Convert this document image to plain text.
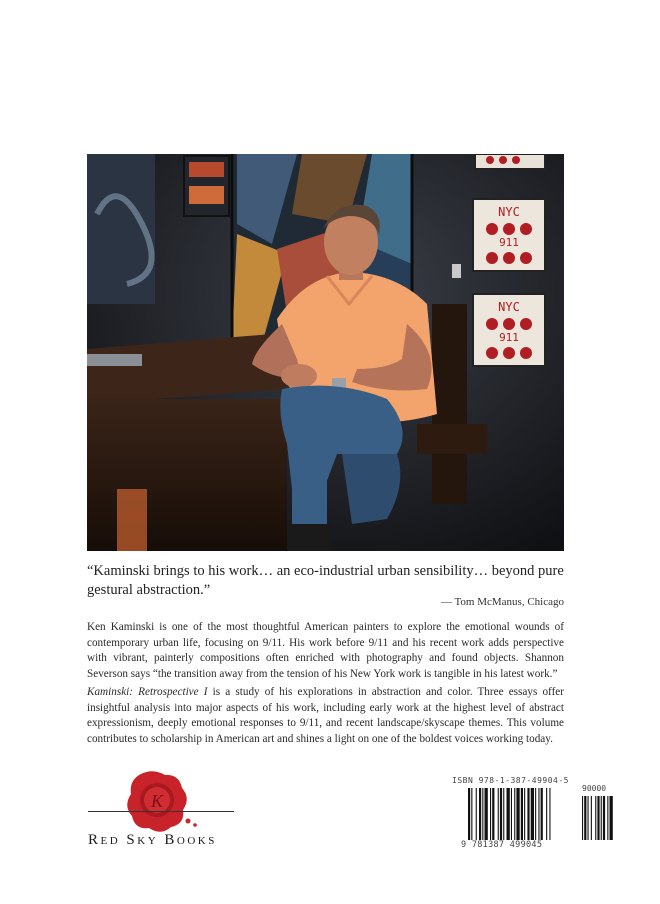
NYC
911
NYC
911
“Kaminski brings to his work… an eco-industrial urban sensibility… beyond pure gestural abstraction.”
— Tom McManus, Chicago

Ken Kaminski is one of the most thoughtful American painters to explore the emotional wounds of contemporary urban life, focusing on 9/11. His work before 9/11 and his recent work adds perspective with vibrant, painterly compositions often enriched with photography and found objects. Shannon Severson says “the transition away from the tension of his New York work is tangible in his latest work.”

Kaminski: Retrospective I is a study of his explorations in abstraction and color. Three essays offer insightful analysis into major aspects of his work, including early work at the highest level of abstract expressionism, deeply emotional responses to 9/11, and recent landscape/skyscape themes. This volume contributes to scholarship in American art and shines a light on one of the boldest voices working today.

K
Red Sky Books
ISBN 978-1-387-49904-5
90000
9 781387 499045
